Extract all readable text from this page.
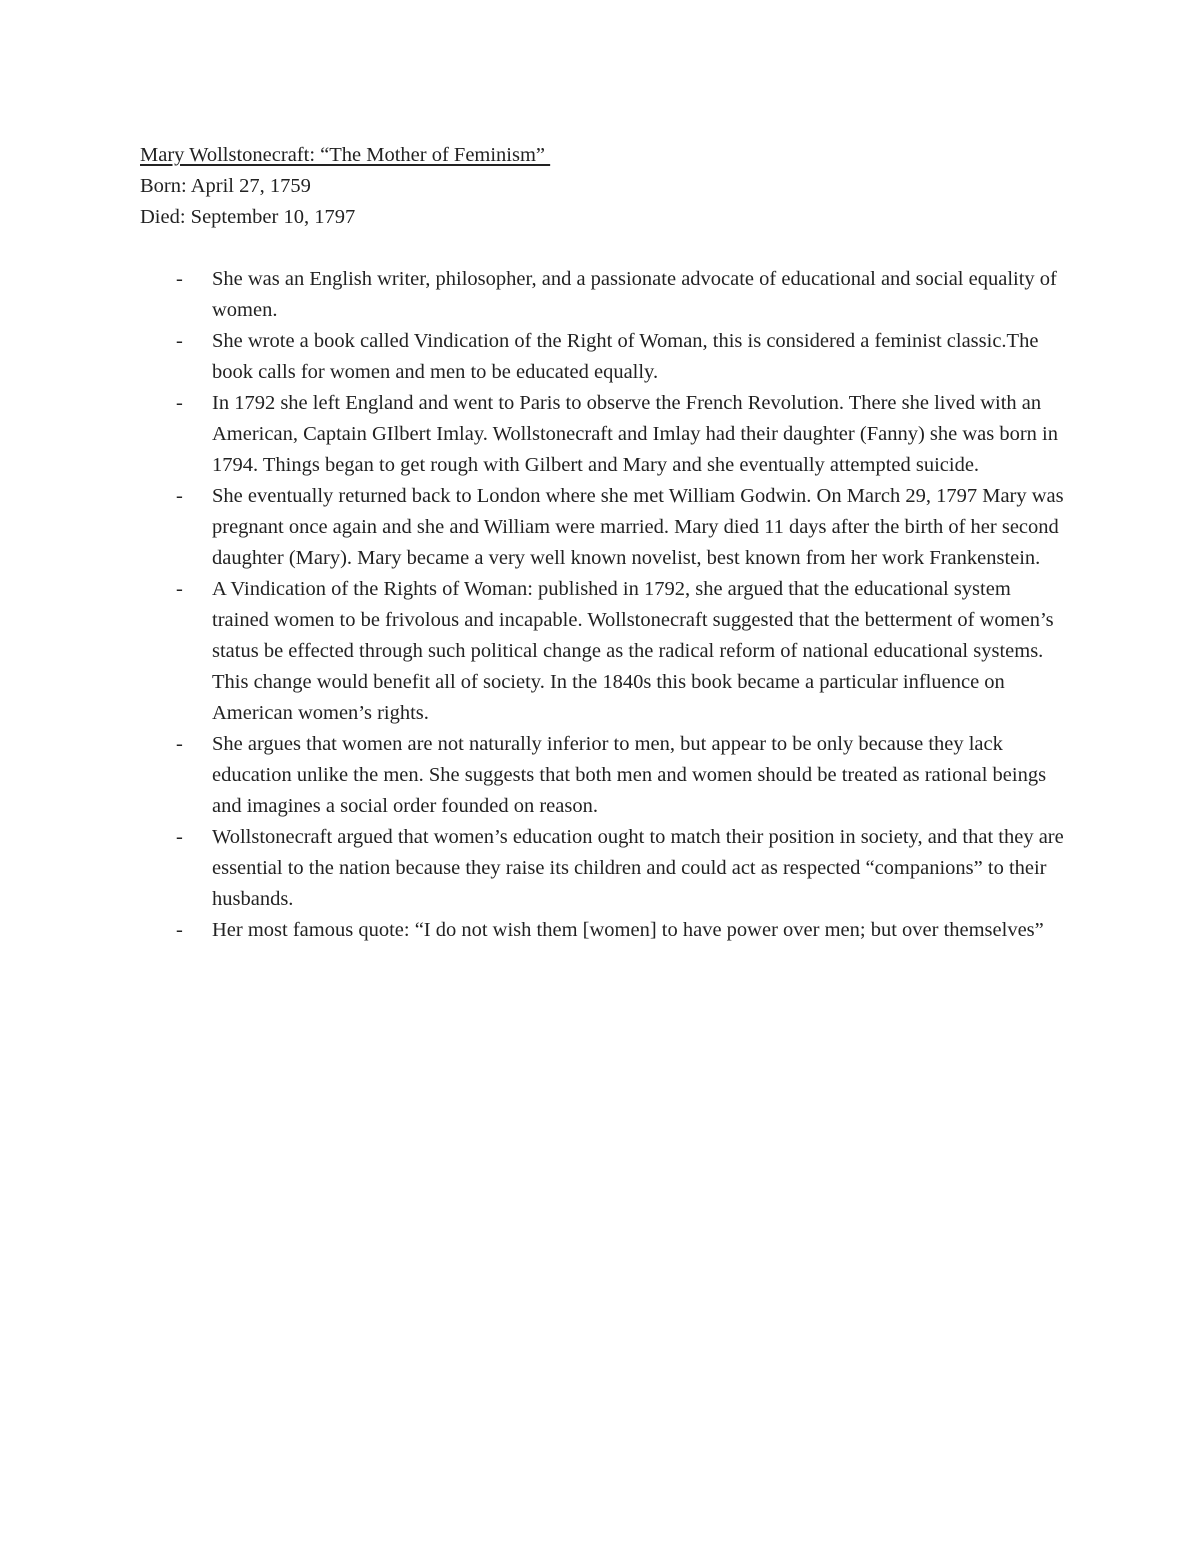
Mary Wollstonecraft: “The Mother of Feminism”
Born: April 27, 1759
Died: September 10, 1797
- She was an English writer, philosopher, and a passionate advocate of educational and social equality of women.
- She wrote a book called Vindication of the Right of Woman, this is considered a feminist classic.The book calls for women and men to be educated equally.
- In 1792 she left England and went to Paris to observe the French Revolution. There she lived with an American, Captain GIlbert Imlay. Wollstonecraft and Imlay had their daughter (Fanny) she was born in 1794. Things began to get rough with Gilbert and Mary and she eventually attempted suicide.
- She eventually returned back to London where she met William Godwin. On March 29, 1797 Mary was pregnant once again and she and William were married. Mary died 11 days after the birth of her second daughter (Mary). Mary became a very well known novelist, best known from her work Frankenstein.
- A Vindication of the Rights of Woman: published in 1792, she argued that the educational system trained women to be frivolous and incapable. Wollstonecraft suggested that the betterment of women’s status be effected through such political change as the radical reform of national educational systems. This change would benefit all of society. In the 1840s this book became a particular influence on American women’s rights.
- She argues that women are not naturally inferior to men, but appear to be only because they lack education unlike the men. She suggests that both men and women should be treated as rational beings and imagines a social order founded on reason.
- Wollstonecraft argued that women’s education ought to match their position in society, and that they are essential to the nation because they raise its children and could act as respected “companions” to their husbands.
- Her most famous quote: “I do not wish them [women] to have power over men; but over themselves”
